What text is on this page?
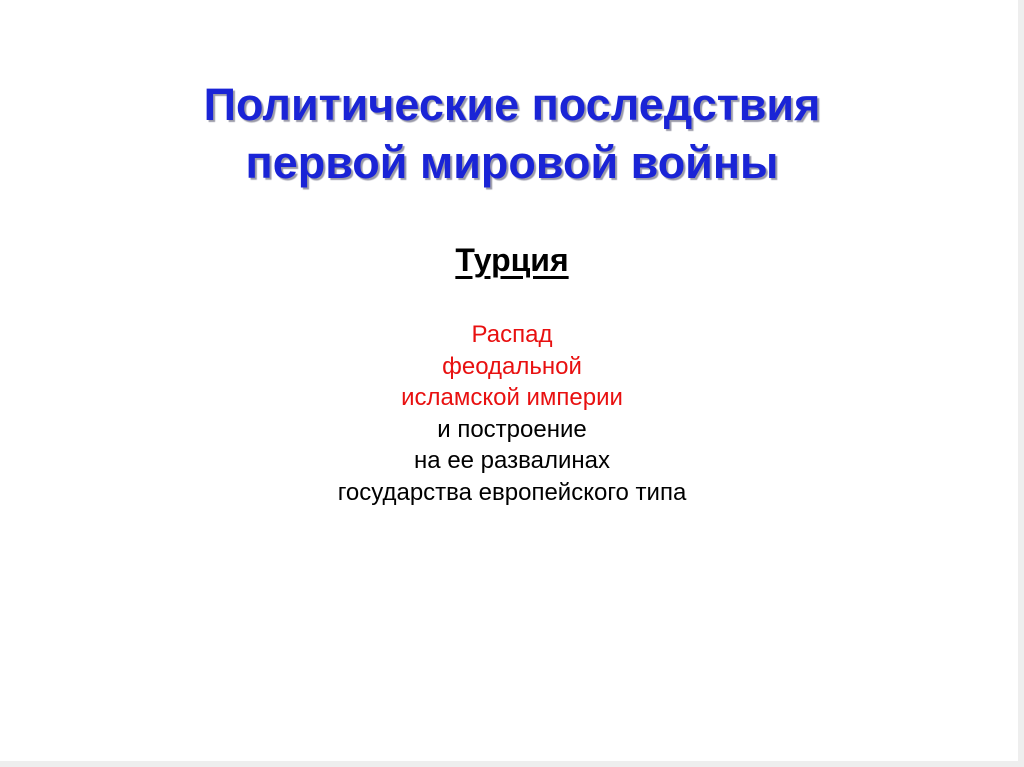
Политические последствия
первой мировой войны
Турция
Распад
феодальной
исламской империи
и построение
на ее развалинах
государства европейского типа
